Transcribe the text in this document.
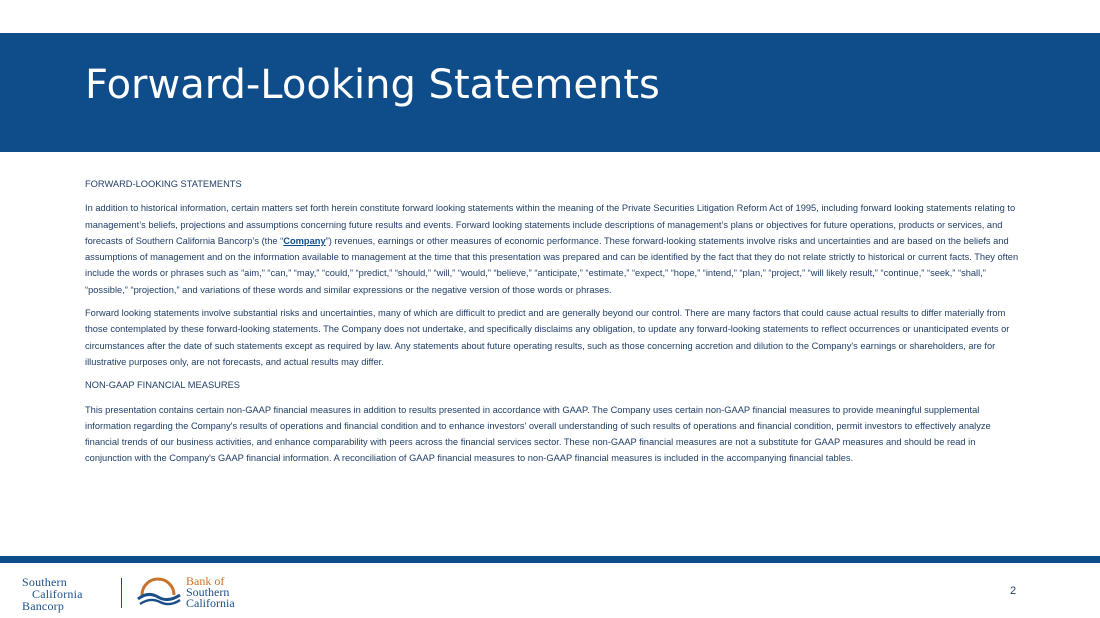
Forward-Looking Statements

FORWARD-LOOKING STATEMENTS

In addition to historical information, certain matters set forth herein constitute forward looking statements within the meaning of the Private Securities Litigation Reform Act of 1995, including forward looking statements relating to management’s beliefs, projections and assumptions concerning future results and events. Forward looking statements include descriptions of management’s plans or objectives for future operations, products or services, and forecasts of Southern California Bancorp’s (the “Company”) revenues, earnings or other measures of economic performance. These forward-looking statements involve risks and uncertainties and are based on the beliefs and assumptions of management and on the information available to management at the time that this presentation was prepared and can be identified by the fact that they do not relate strictly to historical or current facts. They often include the words or phrases such as “aim,” “can,” “may,” “could,” “predict,” “should,” “will,” “would,” “believe,” “anticipate,” “estimate,” “expect,” “hope,” “intend,” “plan,” “project,” “will likely result,” “continue,” “seek,” “shall,” “possible,” “projection,” and variations of these words and similar expressions or the negative version of those words or phrases.

Forward looking statements involve substantial risks and uncertainties, many of which are difficult to predict and are generally beyond our control. There are many factors that could cause actual results to differ materially from those contemplated by these forward-looking statements. The Company does not undertake, and specifically disclaims any obligation, to update any forward-looking statements to reflect occurrences or unanticipated events or circumstances after the date of such statements except as required by law. Any statements about future operating results, such as those concerning accretion and dilution to the Company's earnings or shareholders, are for illustrative purposes only, are not forecasts, and actual results may differ.

NON-GAAP FINANCIAL MEASURES

This presentation contains certain non-GAAP financial measures in addition to results presented in accordance with GAAP. The Company uses certain non-GAAP financial measures to provide meaningful supplemental information regarding the Company's results of operations and financial condition and to enhance investors' overall understanding of such results of operations and financial condition, permit investors to effectively analyze financial trends of our business activities, and enhance comparability with peers across the financial services sector. These non-GAAP financial measures are not a substitute for GAAP measures and should be read in conjunction with the Company's GAAP financial information. A reconciliation of GAAP financial measures to non-GAAP financial measures is included in the accompanying financial tables.

Southern
California
Bancorp
Bank of
Southern
California
2
